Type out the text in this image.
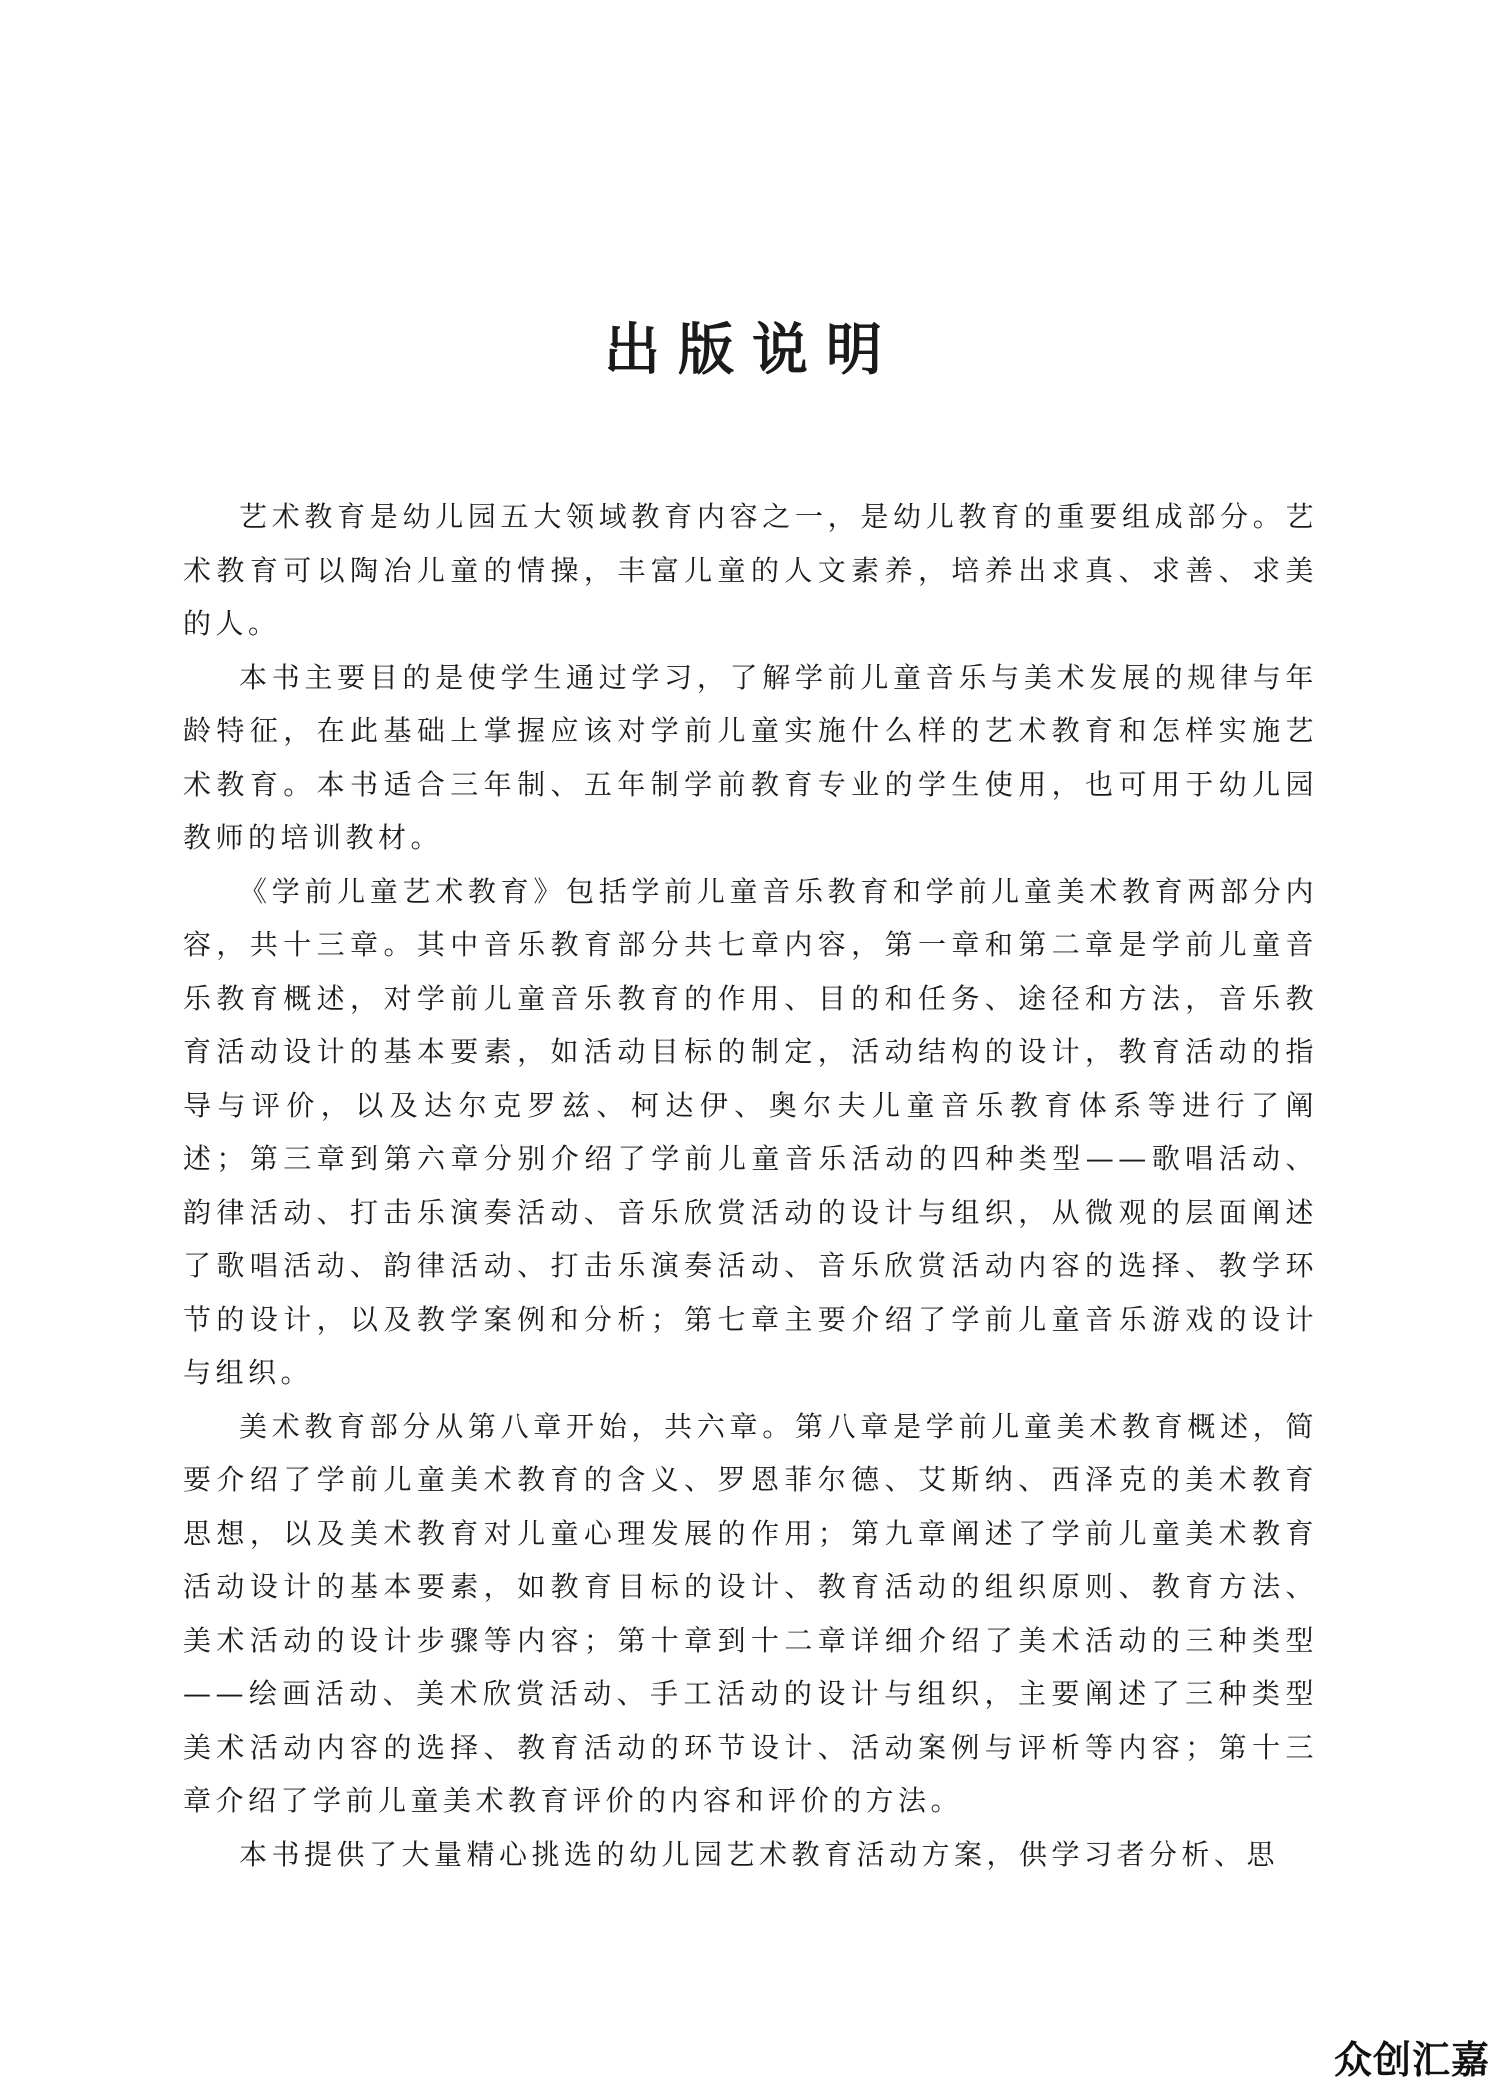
出版说明

艺术教育是幼儿园五大领域教育内容之一，是幼儿教育的重要组成部分。艺术教育可以陶冶儿童的情操，丰富儿童的人文素养，培养出求真、求善、求美的人。

本书主要目的是使学生通过学习，了解学前儿童音乐与美术发展的规律与年龄特征，在此基础上掌握应该对学前儿童实施什么样的艺术教育和怎样实施艺术教育。本书适合三年制、五年制学前教育专业的学生使用，也可用于幼儿园教师的培训教材。

《学前儿童艺术教育》包括学前儿童音乐教育和学前儿童美术教育两部分内容，共十三章。其中音乐教育部分共七章内容，第一章和第二章是学前儿童音乐教育概述，对学前儿童音乐教育的作用、目的和任务、途径和方法，音乐教育活动设计的基本要素，如活动目标的制定，活动结构的设计，教育活动的指导与评价，以及达尔克罗兹、柯达伊、奥尔夫儿童音乐教育体系等进行了阐述；第三章到第六章分别介绍了学前儿童音乐活动的四种类型——歌唱活动、韵律活动、打击乐演奏活动、音乐欣赏活动的设计与组织，从微观的层面阐述了歌唱活动、韵律活动、打击乐演奏活动、音乐欣赏活动内容的选择、教学环节的设计，以及教学案例和分析；第七章主要介绍了学前儿童音乐游戏的设计与组织。

美术教育部分从第八章开始，共六章。第八章是学前儿童美术教育概述，简要介绍了学前儿童美术教育的含义、罗恩菲尔德、艾斯纳、西泽克的美术教育思想，以及美术教育对儿童心理发展的作用；第九章阐述了学前儿童美术教育活动设计的基本要素，如教育目标的设计、教育活动的组织原则、教育方法、美术活动的设计步骤等内容；第十章到十二章详细介绍了美术活动的三种类型——绘画活动、美术欣赏活动、手工活动的设计与组织，主要阐述了三种类型美术活动内容的选择、教育活动的环节设计、活动案例与评析等内容；第十三章介绍了学前儿童美术教育评价的内容和评价的方法。

本书提供了大量精心挑选的幼儿园艺术教育活动方案，供学习者分析、思

众创汇嘉
